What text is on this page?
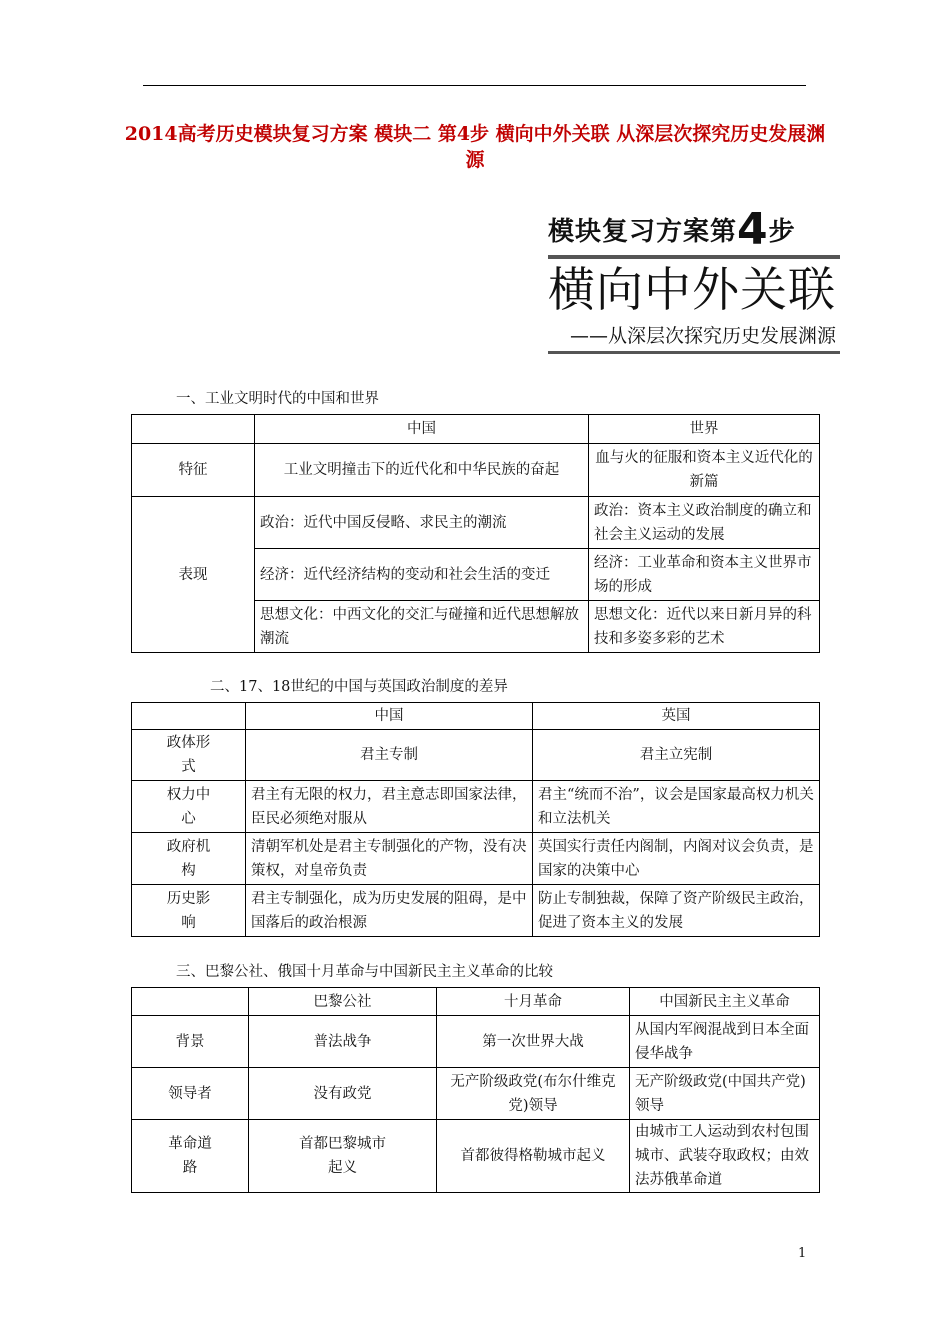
2014高考历史模块复习方案 模块二 第4步 横向中外关联 从深层次探究历史发展渊源
模块复习方案第4步
横向中外关联
——从深层次探究历史发展渊源
一、工业文明时代的中国和世界
	中国	世界
特征	工业文明撞击下的近代化和中华民族的奋起	血与火的征服和资本主义近代化的新篇
表现	政治：近代中国反侵略、求民主的潮流	政治：资本主义政治制度的确立和社会主义运动的发展
	经济：近代经济结构的变动和社会生活的变迁	经济：工业革命和资本主义世界市场的形成
	思想文化：中西文化的交汇与碰撞和近代思想解放潮流	思想文化：近代以来日新月异的科技和多姿多彩的艺术
二、17、18世纪的中国与英国政治制度的差异
	中国	英国
政体形式	君主专制	君主立宪制
权力中心	君主有无限的权力，君主意志即国家法律，臣民必须绝对服从	君主“统而不治”，议会是国家最高权力机关和立法机关
政府机构	清朝军机处是君主专制强化的产物，没有决策权，对皇帝负责	英国实行责任内阁制，内阁对议会负责，是国家的决策中心
历史影响	君主专制强化，成为历史发展的阻碍，是中国落后的政治根源	防止专制独裁，保障了资产阶级民主政治，促进了资本主义的发展
三、巴黎公社、俄国十月革命与中国新民主主义革命的比较
	巴黎公社	十月革命	中国新民主主义革命
背景	普法战争	第一次世界大战	从国内军阀混战到日本全面侵华战争
领导者	没有政党	无产阶级政党(布尔什维克党)领导	无产阶级政党(中国共产党)领导
革命道路	首都巴黎城市起义	首都彼得格勒城市起义	由城市工人运动到农村包围城市、武装夺取政权；由效法苏俄革命道
1
